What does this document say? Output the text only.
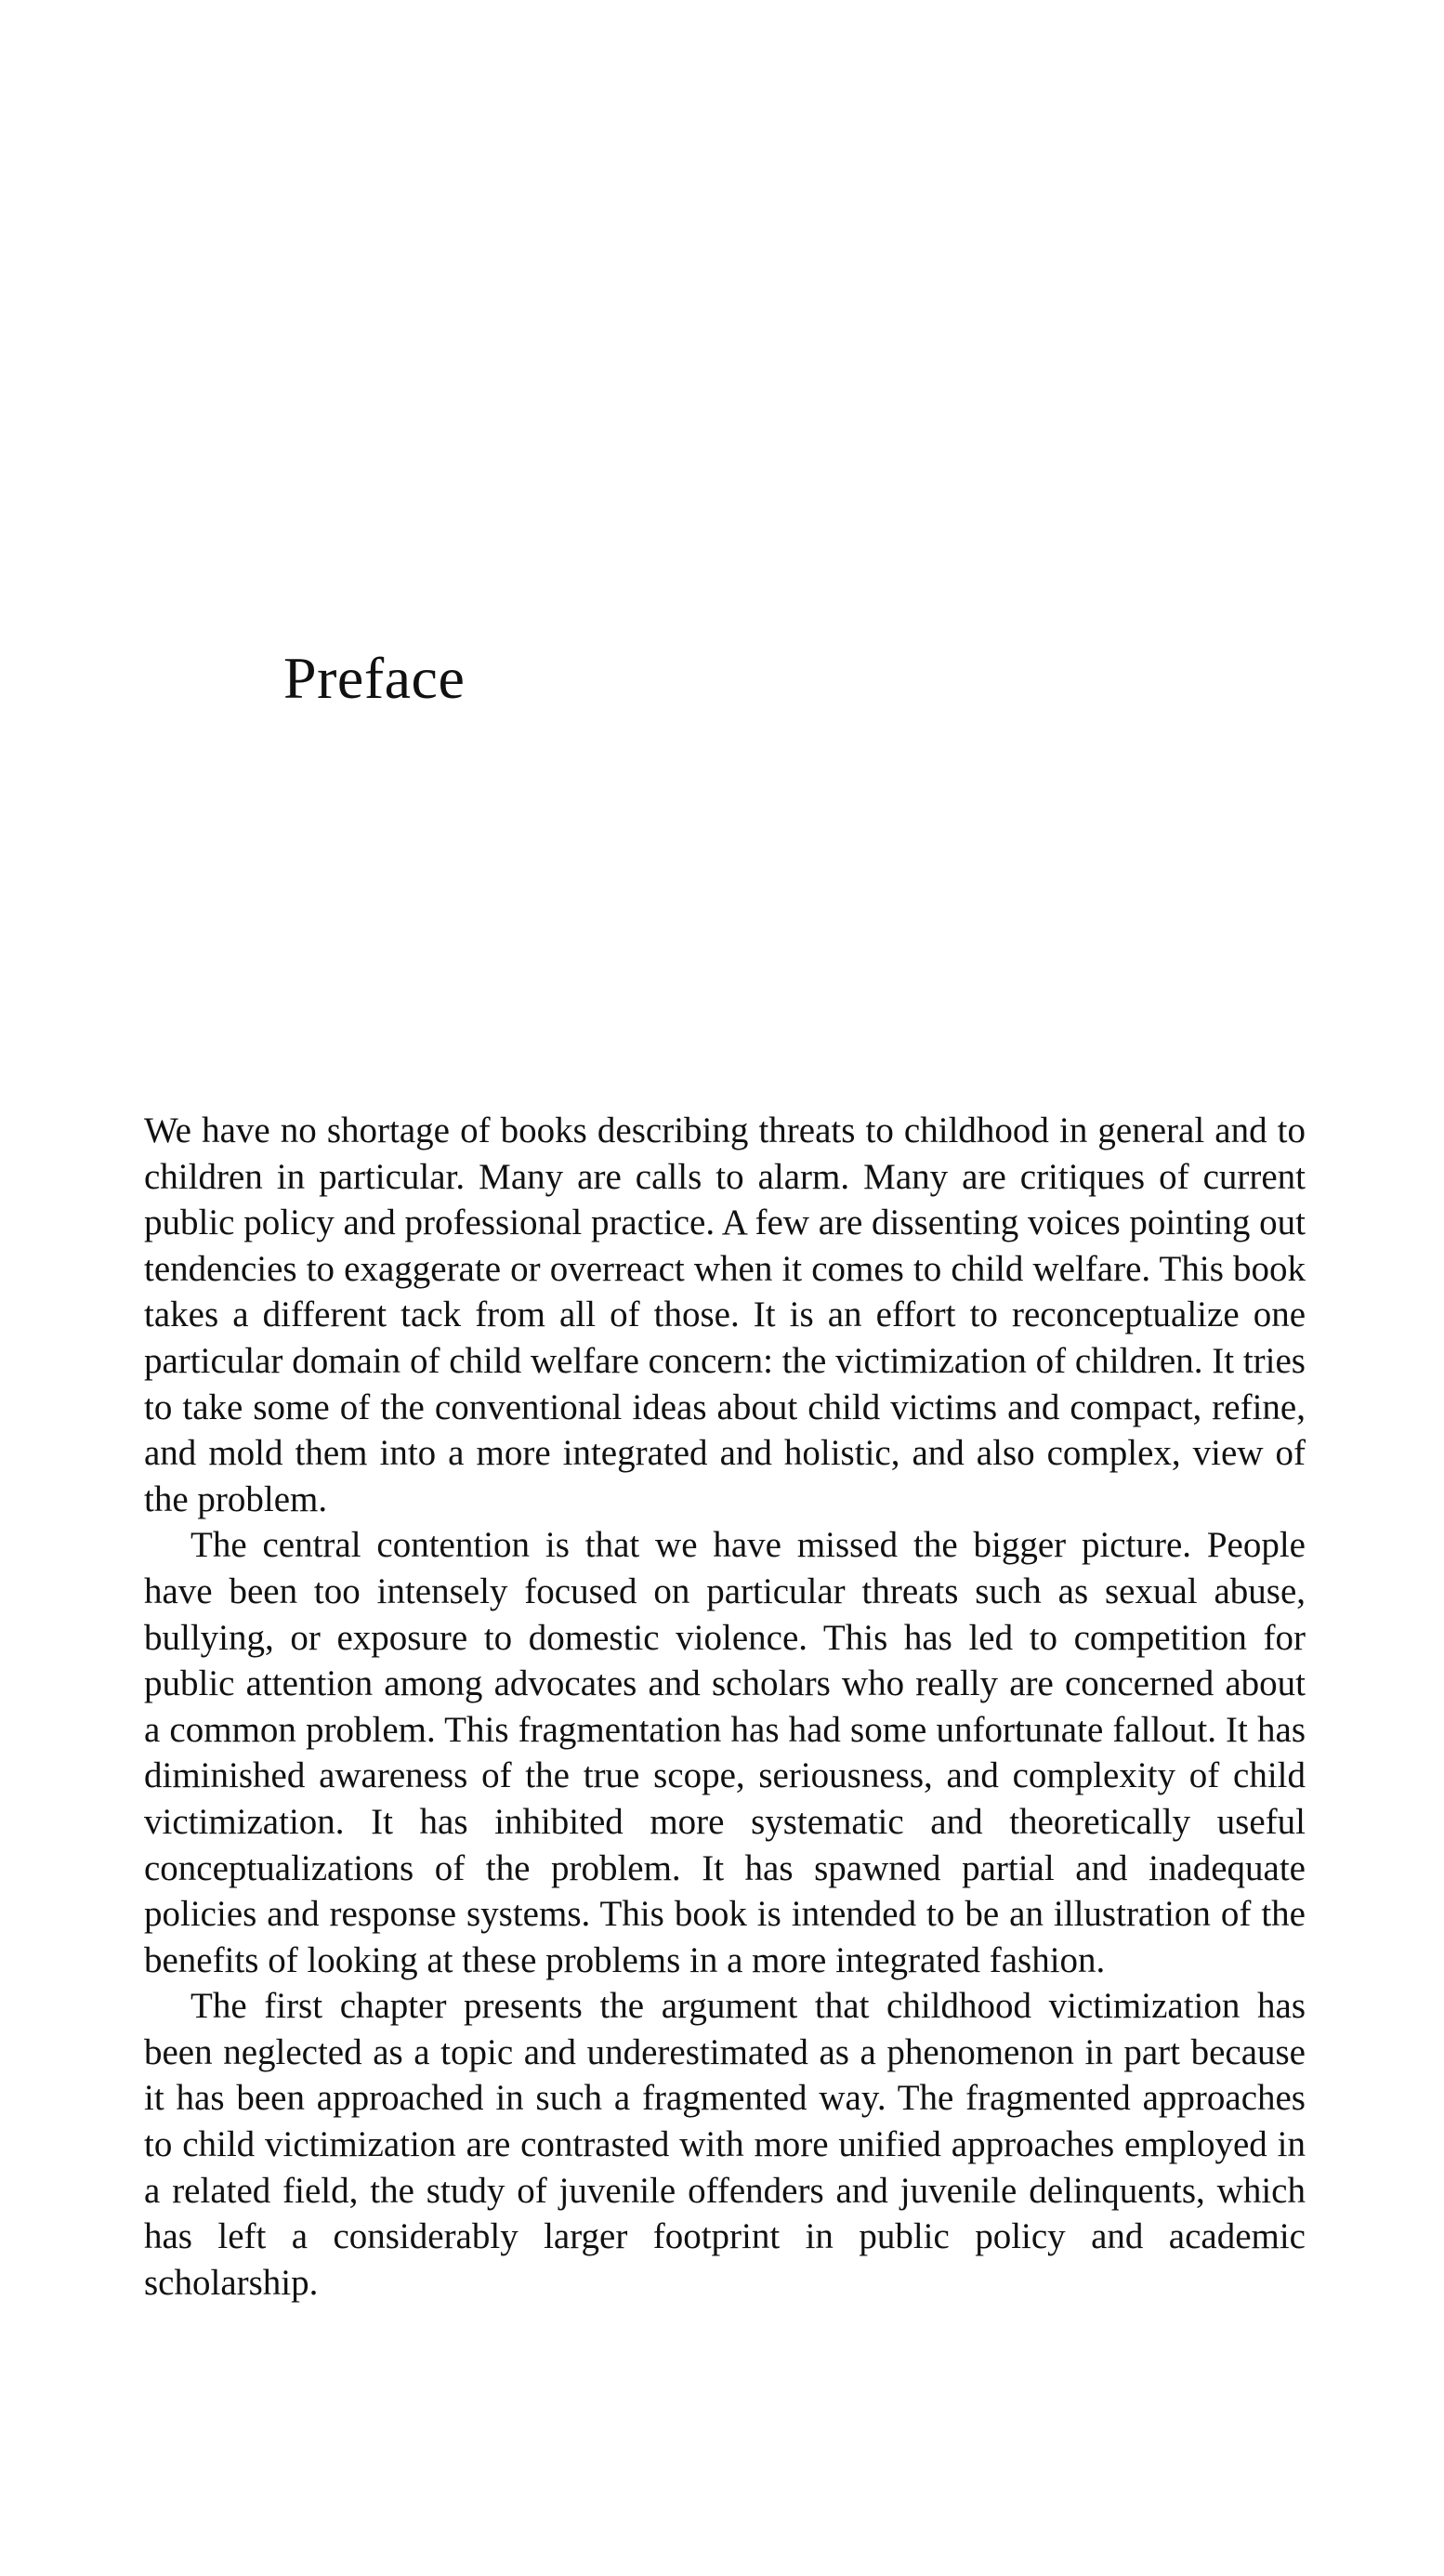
Preface

We have no shortage of books describing threats to childhood in general and to children in particular. Many are calls to alarm. Many are critiques of current public policy and professional practice. A few are dissenting voices pointing out tendencies to exaggerate or overreact when it comes to child welfare. This book takes a different tack from all of those. It is an effort to reconceptualize one particular domain of child welfare concern: the victimization of children. It tries to take some of the conventional ideas about child victims and compact, refine, and mold them into a more integrated and holistic, and also complex, view of the problem.

The central contention is that we have missed the bigger picture. People have been too intensely focused on particular threats such as sexual abuse, bullying, or exposure to domestic violence. This has led to competition for public attention among advocates and scholars who really are concerned about a common problem. This fragmentation has had some unfortunate fallout. It has diminished awareness of the true scope, seriousness, and complexity of child victimization. It has inhibited more systematic and theoretically useful conceptualizations of the problem. It has spawned partial and inadequate policies and response systems. This book is intended to be an illustration of the benefits of looking at these problems in a more integrated fashion.

The first chapter presents the argument that childhood victimization has been neglected as a topic and underestimated as a phenomenon in part because it has been approached in such a fragmented way. The fragmented approaches to child victimization are contrasted with more unified approaches employed in a related field, the study of juvenile offenders and juvenile delinquents, which has left a considerably larger footprint in public policy and academic scholarship.
